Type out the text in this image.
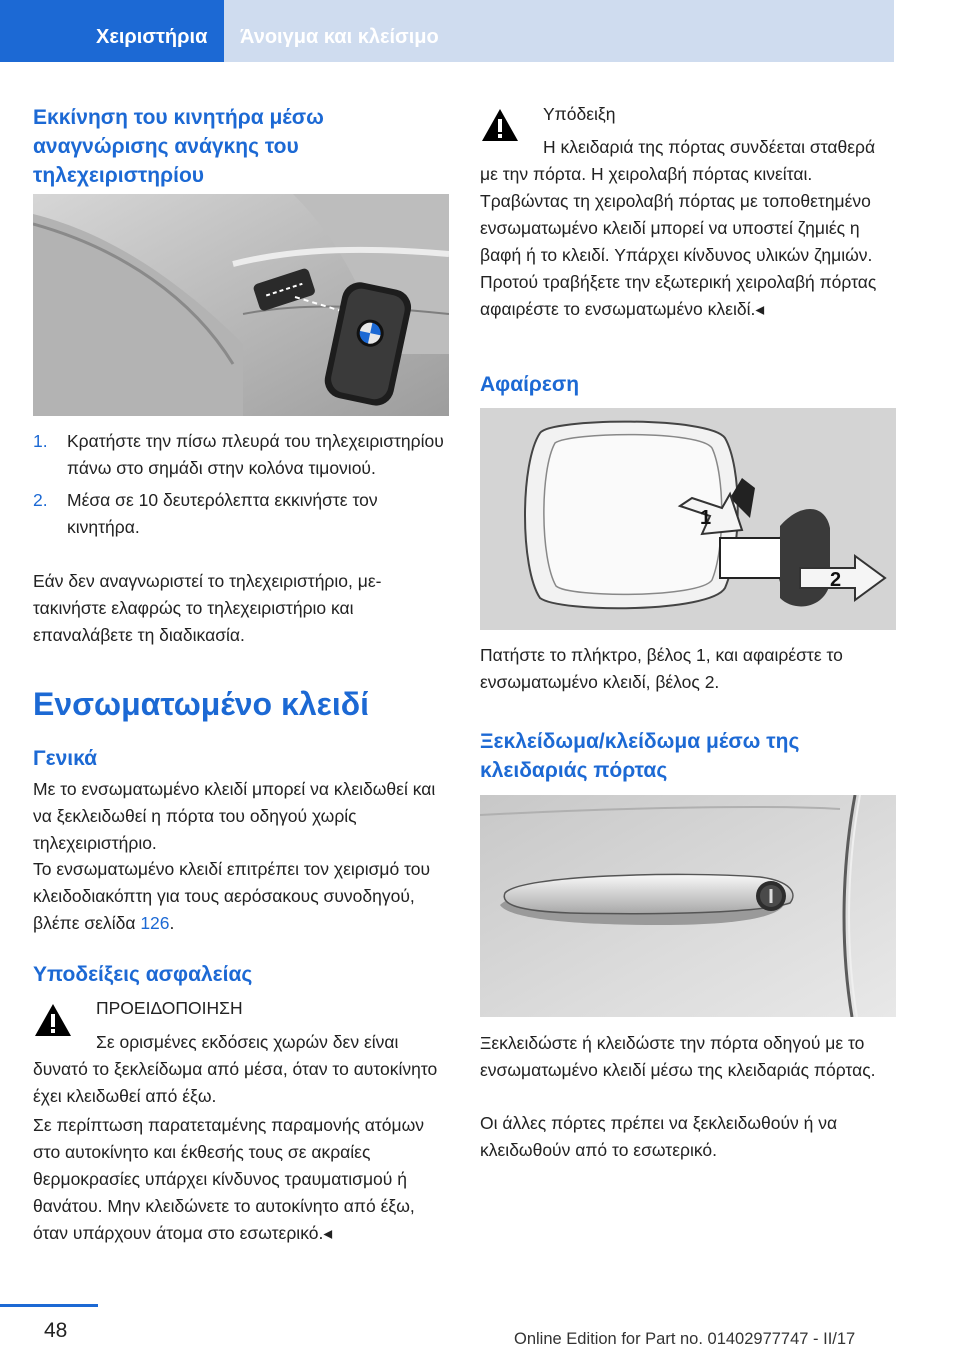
Χειριστήρια Άνοιγμα και κλείσιμο
Εκκίνηση του κινητήρα μέσω αναγνώρισης ανάγκης του τηλεχειριστηρίου
1. Κρατήστε την πίσω πλευρά του τηλεχειριστηρίου πάνω στο σημάδι στην κολόνα τιμονιού.
2. Μέσα σε 10 δευτερόλεπτα εκκινήστε τον κινητήρα.
Εάν δεν αναγνωριστεί το τηλεχειριστήριο, μετακινήστε ελαφρώς το τηλεχειριστήριο και επαναλάβετε τη διαδικασία.
Ενσωματωμένο κλειδί
Γενικά
Με το ενσωματωμένο κλειδί μπορεί να κλειδωθεί και να ξεκλειδωθεί η πόρτα του οδηγού χωρίς τηλεχειριστήριο.
Το ενσωματωμένο κλειδί επιτρέπει τον χειρισμό του κλειδοδιακόπτη για τους αερόσακους συνοδηγού, βλέπε σελίδα 126.
Υποδείξεις ασφαλείας
ΠΡΟΕΙΔΟΠΟΙΗΣΗ
Σε ορισμένες εκδόσεις χωρών δεν είναι δυνατό το ξεκλείδωμα από μέσα, όταν το αυτοκίνητο έχει κλειδωθεί από έξω.
Σε περίπτωση παρατεταμένης παραμονής ατόμων στο αυτοκίνητο και έκθεσής τους σε ακραίες θερμοκρασίες υπάρχει κίνδυνος τραυματισμού ή θανάτου. Μην κλειδώνετε το αυτοκίνητο από έξω, όταν υπάρχουν άτομα στο εσωτερικό.◂
Υπόδειξη
Η κλειδαριά της πόρτας συνδέεται σταθερά με την πόρτα. Η χειρολαβή πόρτας κινείται. Τραβώντας τη χειρολαβή πόρτας με τοποθετημένο ενσωματωμένο κλειδί μπορεί να υποστεί ζημιές η βαφή ή το κλειδί. Υπάρχει κίνδυνος υλικών ζημιών. Προτού τραβήξετε την εξωτερική χειρολαβή πόρτας αφαιρέστε το ενσωματωμένο κλειδί.◂
Αφαίρεση
1
2
Πατήστε το πλήκτρο, βέλος 1, και αφαιρέστε το ενσωματωμένο κλειδί, βέλος 2.
Ξεκλείδωμα/κλείδωμα μέσω της κλειδαριάς πόρτας
Ξεκλειδώστε ή κλειδώστε την πόρτα οδηγού με το ενσωματωμένο κλειδί μέσω της κλειδαριάς πόρτας.
Οι άλλες πόρτες πρέπει να ξεκλειδωθούν ή να κλειδωθούν από το εσωτερικό.
48	Online Edition for Part no. 01402977747 - II/17
